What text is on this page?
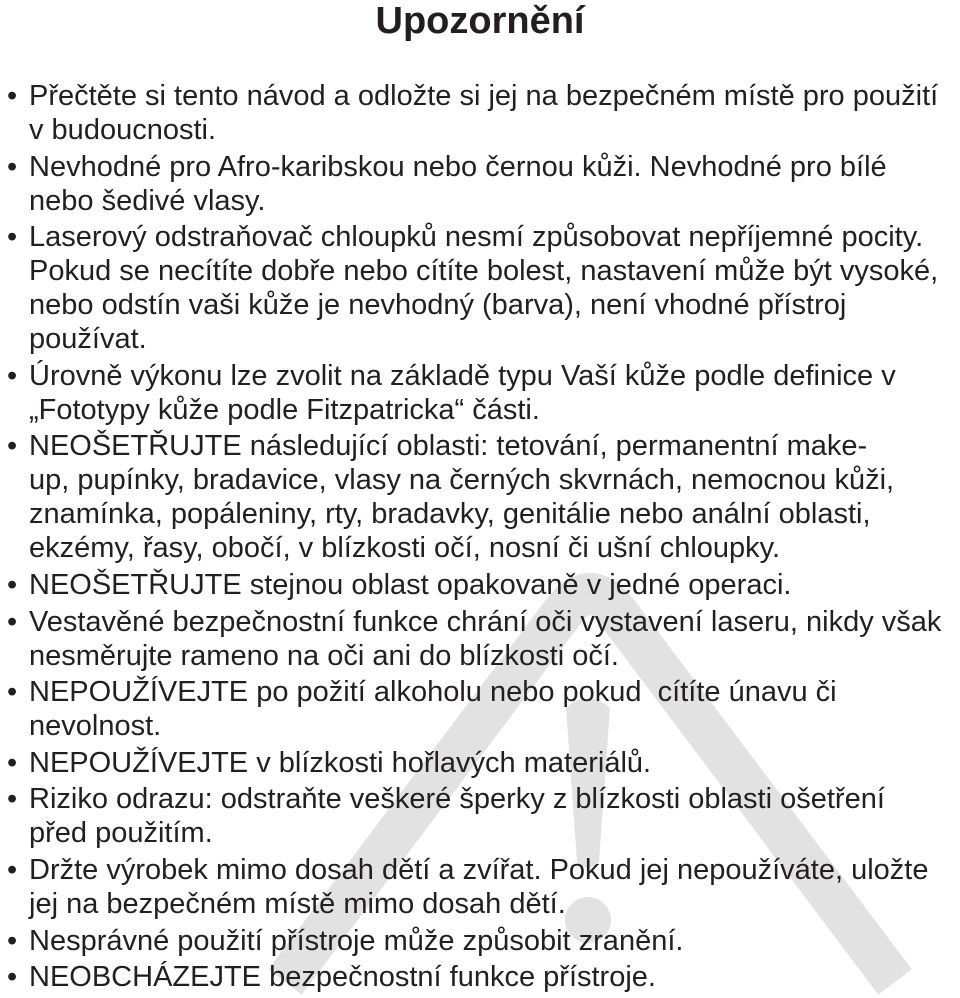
Upozornění
• Přečtěte si tento návod a odložte si jej na bezpečném místě pro použití
v budoucnosti.
• Nevhodné pro Afro-karibskou nebo černou kůži. Nevhodné pro bílé
nebo šedivé vlasy.
• Laserový odstraňovač chloupků nesmí způsobovat nepříjemné pocity.
Pokud se necítíte dobře nebo cítíte bolest, nastavení může být vysoké,
nebo odstín vaši kůže je nevhodný (barva), není vhodné přístroj
používat.
• Úrovně výkonu lze zvolit na základě typu Vaší kůže podle definice v
„Fototypy kůže podle Fitzpatricka“ části.
• NEOŠETŘUJTE následující oblasti: tetování, permanentní make-
up, pupínky, bradavice, vlasy na černých skvrnách, nemocnou kůži,
znamínka, popáleniny, rty, bradavky, genitálie nebo anální oblasti,
ekzémy, řasy, obočí, v blízkosti očí, nosní či ušní chloupky.
• NEOŠETŘUJTE stejnou oblast opakovaně v jedné operaci.
• Vestavěné bezpečnostní funkce chrání oči vystavení laseru, nikdy však
nesměrujte rameno na oči ani do blízkosti očí.
• NEPOUŽÍVEJTE po požití alkoholu nebo pokud  cítíte únavu či
nevolnost.
• NEPOUŽÍVEJTE v blízkosti hořlavých materiálů.
• Riziko odrazu: odstraňte veškeré šperky z blízkosti oblasti ošetření
před použitím.
• Držte výrobek mimo dosah dětí a zvířat. Pokud jej nepoužíváte, uložte
jej na bezpečném místě mimo dosah dětí.
• Nesprávné použití přístroje může způsobit zranění.
• NEOBCHÁZEJTE bezpečnostní funkce přístroje.
